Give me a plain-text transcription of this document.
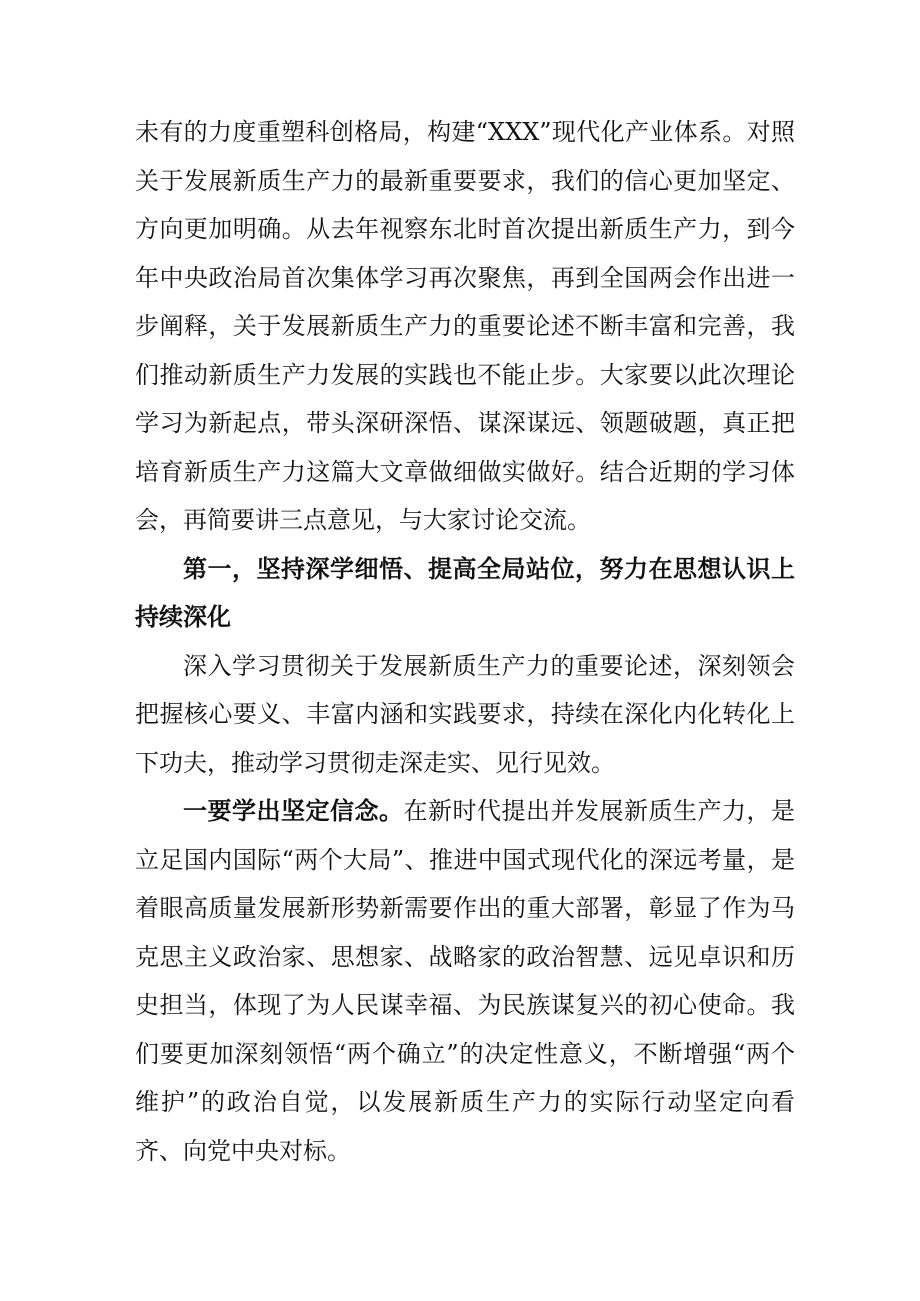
未有的力度重塑科创格局，构建“XXX”现代化产业体系。对照关于发展新质生产力的最新重要要求，我们的信心更加坚定、方向更加明确。从去年视察东北时首次提出新质生产力，到今年中央政治局首次集体学习再次聚焦，再到全国两会作出进一步阐释，关于发展新质生产力的重要论述不断丰富和完善，我们推动新质生产力发展的实践也不能止步。大家要以此次理论学习为新起点，带头深研深悟、谋深谋远、领题破题，真正把培育新质生产力这篇大文章做细做实做好。结合近期的学习体会，再简要讲三点意见，与大家讨论交流。

第一，坚持深学细悟、提高全局站位，努力在思想认识上持续深化

深入学习贯彻关于发展新质生产力的重要论述，深刻领会把握核心要义、丰富内涵和实践要求，持续在深化内化转化上下功夫，推动学习贯彻走深走实、见行见效。

一要学出坚定信念。在新时代提出并发展新质生产力，是立足国内国际“两个大局”、推进中国式现代化的深远考量，是着眼高质量发展新形势新需要作出的重大部署，彰显了作为马克思主义政治家、思想家、战略家的政治智慧、远见卓识和历史担当，体现了为人民谋幸福、为民族谋复兴的初心使命。我们要更加深刻领悟“两个确立”的决定性意义，不断增强“两个维护”的政治自觉，以发展新质生产力的实际行动坚定向看齐、向党中央对标。
